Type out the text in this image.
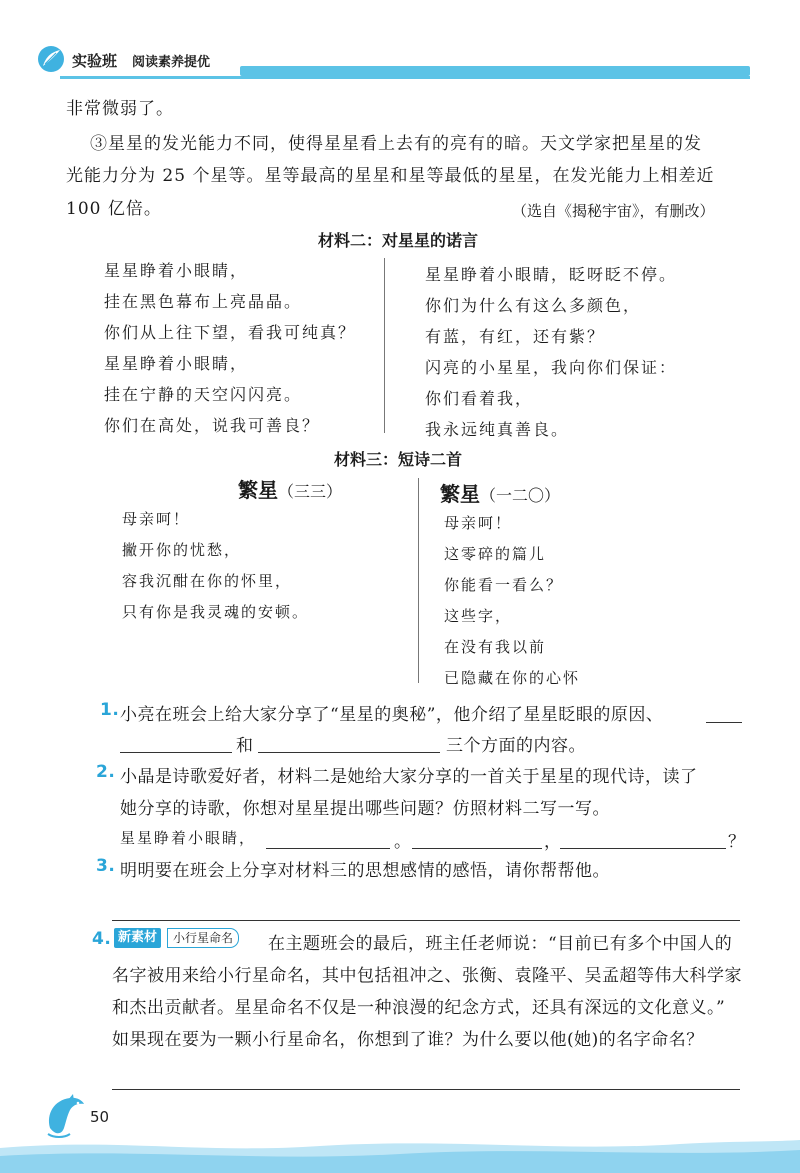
实验班 阅读素养提优
非常微弱了。
③星星的发光能力不同，使得星星看上去有的亮有的暗。天文学家把星星的发
光能力分为 25 个星等。星等最高的星星和星等最低的星星，在发光能力上相差近
100 亿倍。	（选自《揭秘宇宙》，有删改）
材料二：对星星的诺言
星星睁着小眼睛，
挂在黑色幕布上亮晶晶。
你们从上往下望，看我可纯真？
星星睁着小眼睛，
挂在宁静的天空闪闪亮。
你们在高处，说我可善良？
星星睁着小眼睛，眨呀眨不停。
你们为什么有这么多颜色，
有蓝，有红，还有紫？
闪亮的小星星，我向你们保证：
你们看着我，
我永远纯真善良。
材料三：短诗二首
繁星（三三）
母亲呵！
撇开你的忧愁，
容我沉酣在你的怀里，
只有你是我灵魂的安顿。
繁星（一二〇）
母亲呵！
这零碎的篇儿
你能看一看么？
这些字，
在没有我以前
已隐藏在你的心怀
1. 小亮在班会上给大家分享了“星星的奥秘”，他介绍了星星眨眼的原因、
和	三个方面的内容。
2. 小晶是诗歌爱好者，材料二是她给大家分享的一首关于星星的现代诗，读了
她分享的诗歌，你想对星星提出哪些问题？仿照材料二写一写。
星星睁着小眼睛，	。	，	？
3. 明明要在班会上分享对材料三的思想感情的感悟，请你帮帮他。
4. 新素材	小行星命名	在主题班会的最后，班主任老师说：“目前已有多个中国人的
名字被用来给小行星命名，其中包括祖冲之、张衡、袁隆平、吴孟超等伟大科学家
和杰出贡献者。星星命名不仅是一种浪漫的纪念方式，还具有深远的文化意义。”
如果现在要为一颗小行星命名，你想到了谁？为什么要以他(她)的名字命名？
50
